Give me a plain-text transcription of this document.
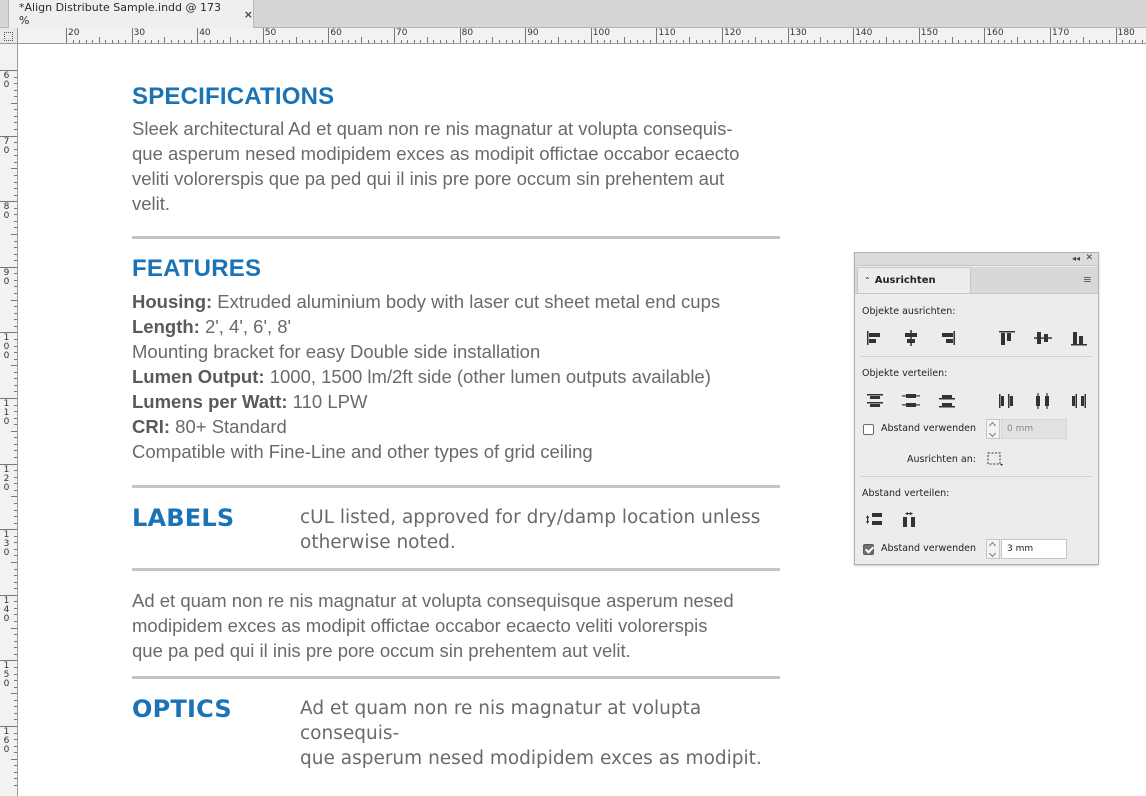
*Align Distribute Sample.indd @ 173 %	×
20	30	40	50	60	70	80	90	100	110	120	130	140	150	160	170	180
60
70
80
90
100
110
120
130
140
150
160
SPECIFICATIONS
Sleek architectural Ad et quam non re nis magnatur at volupta consequis-
que asperum nesed modipidem exces as modipit offictae occabor ecaecto
veliti volorerspis que pa ped qui il inis pre pore occum sin prehentem aut
velit.
FEATURES
Housing: Extruded aluminium body with laser cut sheet metal end cups
Length: 2', 4', 6', 8'
Mounting bracket for easy Double side installation
Lumen Output: 1000, 1500 lm/2ft side (other lumen outputs available)
Lumens per Watt: 110 LPW
CRI: 80+ Standard
Compatible with Fine-Line and other types of grid ceiling
LABELS	cUL listed, approved for dry/damp location unless
otherwise noted.
Ad et quam non re nis magnatur at volupta consequisque asperum nesed
modipidem exces as modipit offictae occabor ecaecto veliti volorerspis
que pa ped qui il inis pre pore occum sin prehentem aut velit.
OPTICS	Ad et quam non re nis magnatur at volupta consequis-
que asperum nesed modipidem exces as modipit.
◂◂ ✕
⌃ Ausrichten	≡
Objekte ausrichten:
Objekte verteilen:
Abstand verwenden	0 mm
Ausrichten an:
Abstand verteilen:
Abstand verwenden	3 mm
